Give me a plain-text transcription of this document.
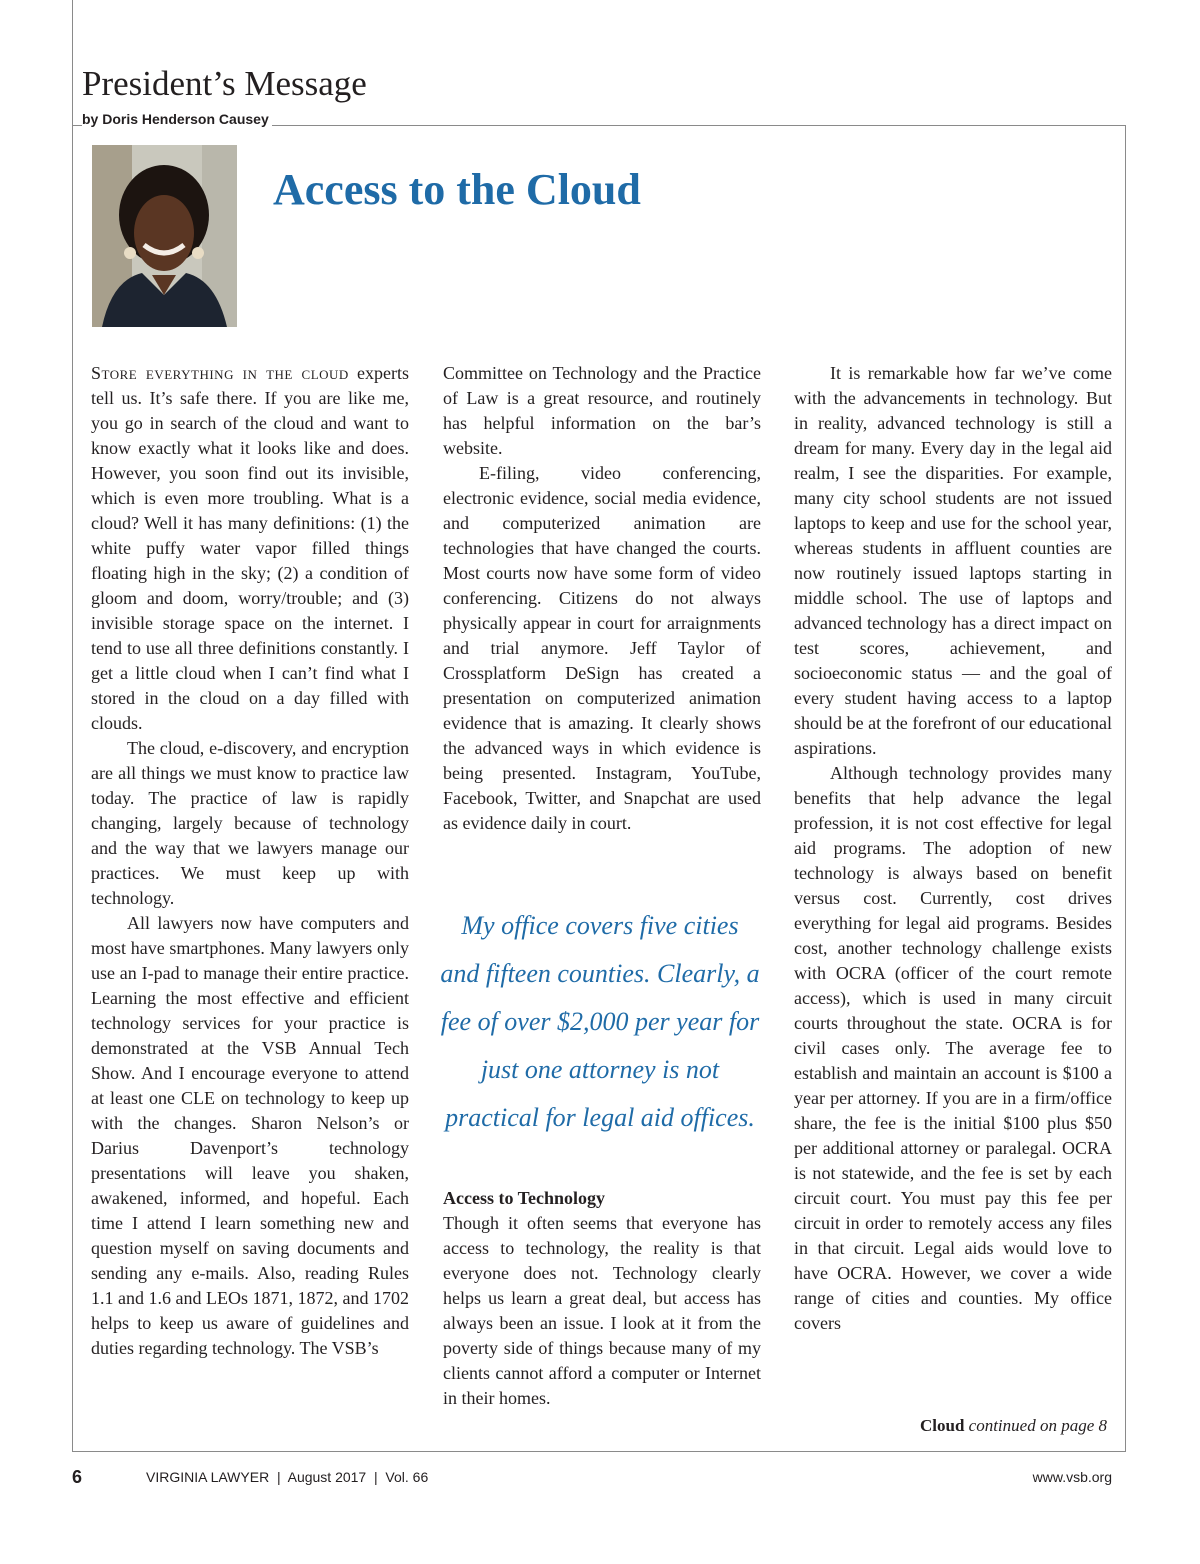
President’s Message
by Doris Henderson Causey
Access to the Cloud

Store everything in the cloud experts tell us. It’s safe there. If you are like me, you go in search of the cloud and want to know exactly what it looks like and does. However, you soon find out its invisible, which is even more troubling. What is a cloud? Well it has many definitions: (1) the white puffy water vapor filled things floating high in the sky; (2) a condition of gloom and doom, worry/trouble; and (3) invisible storage space on the internet. I tend to use all three definitions constantly. I get a little cloud when I can’t find what I stored in the cloud on a day filled with clouds.

The cloud, e-discovery, and encryption are all things we must know to practice law today. The practice of law is rapidly changing, largely because of technology and the way that we lawyers manage our practices. We must keep up with technology.

All lawyers now have computers and most have smartphones. Many lawyers only use an I-pad to manage their entire practice. Learning the most effective and efficient technology services for your practice is demonstrated at the VSB Annual Tech Show. And I encourage everyone to attend at least one CLE on technology to keep up with the changes. Sharon Nelson’s or Darius Davenport’s technology presentations will leave you shaken, awakened, informed, and hopeful. Each time I attend I learn something new and question myself on saving documents and sending any e-mails. Also, reading Rules 1.1 and 1.6 and LEOs 1871, 1872, and 1702 helps to keep us aware of guidelines and duties regarding technology. The VSB’s

Committee on Technology and the Practice of Law is a great resource, and routinely has helpful information on the bar’s website.

E-filing, video conferencing, electronic evidence, social media evidence, and computerized animation are technologies that have changed the courts. Most courts now have some form of video conferencing. Citizens do not always physically appear in court for arraignments and trial anymore. Jeff Taylor of Crossplatform DeSign has created a presentation on computerized animation evidence that is amazing. It clearly shows the advanced ways in which evidence is being presented. Instagram, YouTube, Facebook, Twitter, and Snapchat are used as evidence daily in court.

My office covers five cities and fifteen counties. Clearly, a fee of over $2,000 per year for just one attorney is not practical for legal aid offices.

Access to Technology

Though it often seems that everyone has access to technology, the reality is that everyone does not. Technology clearly helps us learn a great deal, but access has always been an issue. I look at it from the poverty side of things because many of my clients cannot afford a computer or Internet in their homes.

It is remarkable how far we’ve come with the advancements in technology. But in reality, advanced technology is still a dream for many. Every day in the legal aid realm, I see the disparities. For example, many city school students are not issued laptops to keep and use for the school year, whereas students in affluent counties are now routinely issued laptops starting in middle school. The use of laptops and advanced technology has a direct impact on test scores, achievement, and socioeconomic status — and the goal of every student having access to a laptop should be at the forefront of our educational aspirations.

Although technology provides many benefits that help advance the legal profession, it is not cost effective for legal aid programs. The adoption of new technology is always based on benefit versus cost. Currently, cost drives everything for legal aid programs. Besides cost, another technology challenge exists with OCRA (officer of the court remote access), which is used in many circuit courts throughout the state. OCRA is for civil cases only. The average fee to establish and maintain an account is $100 a year per attorney. If you are in a firm/office share, the fee is the initial $100 plus $50 per additional attorney or paralegal. OCRA is not statewide, and the fee is set by each circuit court. You must pay this fee per circuit in order to remotely access any files in that circuit. Legal aids would love to have OCRA. However, we cover a wide range of cities and counties. My office covers

Cloud continued on page 8
6	VIRGINIA LAWYER  |  August 2017  |  Vol. 66	www.vsb.org
